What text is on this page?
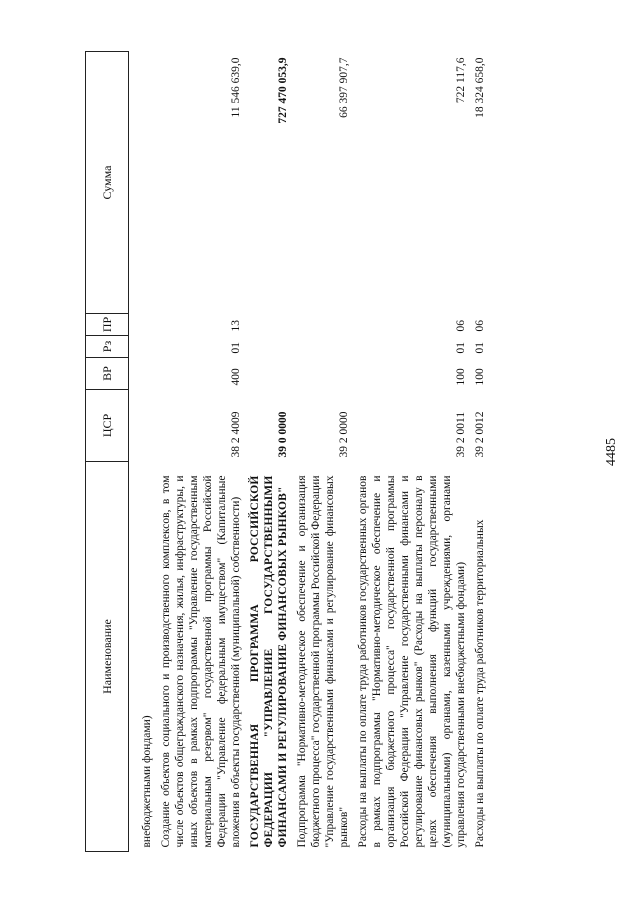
4485
Наименование	ЦСР	ВР	Рз	ПР	Сумма
внебюджетными фондами)					
Создание объектов социального и производственного комплексов, в том числе объектов общегражданского назначения, жилья, инфраструктуры, и иных объектов в рамках подпрограммы "Управление государственным материальным резервом" государственной программы Российской Федерации "Управление федеральным имуществом" (Капитальные вложения в объекты государственной (муниципальной) собственности)	38 2 4009	400	01	13	11 546 639,0
ГОСУДАРСТВЕННАЯ ПРОГРАММА РОССИЙСКОЙ ФЕДЕРАЦИИ "УПРАВЛЕНИЕ ГОСУДАРСТВЕННЫМИ ФИНАНСАМИ И РЕГУЛИРОВАНИЕ ФИНАНСОВЫХ РЫНКОВ"	39 0 0000				727 470 053,9
Подпрограмма "Нормативно-методическое обеспечение и организация бюджетного процесса" государственной программы Российской Федерации "Управление государственными финансами и регулирование финансовых рынков"	39 2 0000				66 397 907,7
Расходы на выплаты по оплате труда работников государственных органов в рамках подпрограммы "Нормативно-методическое обеспечение и организация бюджетного процесса" государственной программы Российской Федерации "Управление государственными финансами и регулирование финансовых рынков" (Расходы на выплаты персоналу в целях обеспечения выполнения функций государственными (муниципальными) органами, казенными учреждениями, органами управления государственными внебюджетными фондами)	39 2 0011	100	01	06	722 117,6
Расходы на выплаты по оплате труда работников территориальных	39 2 0012	100	01	06	18 324 658,0
